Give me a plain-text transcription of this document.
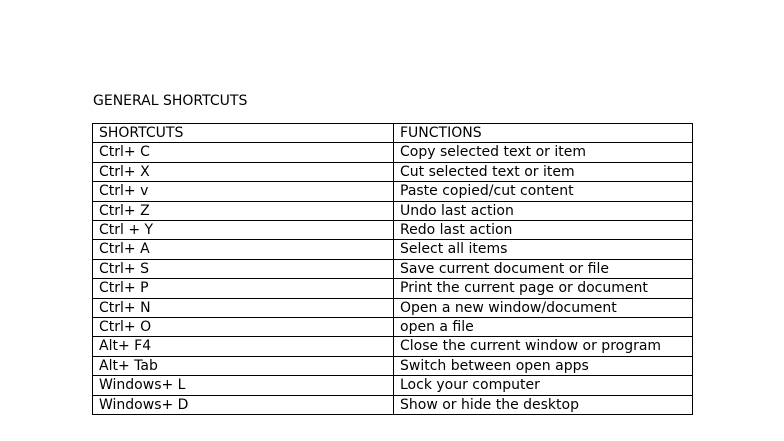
GENERAL SHORTCUTS
SHORTCUTS	FUNCTIONS
Ctrl+ C	Copy selected text or item
Ctrl+ X	Cut selected text or item
Ctrl+ v	Paste copied/cut content
Ctrl+ Z	Undo last action
Ctrl + Y	Redo last action
Ctrl+ A	Select all items
Ctrl+ S	Save current document or file
Ctrl+ P	Print the current page or document
Ctrl+ N	Open a new window/document
Ctrl+ O	open a file
Alt+ F4	Close the current window or program
Alt+ Tab	Switch between open apps
Windows+ L	Lock your computer
Windows+ D	Show or hide the desktop
